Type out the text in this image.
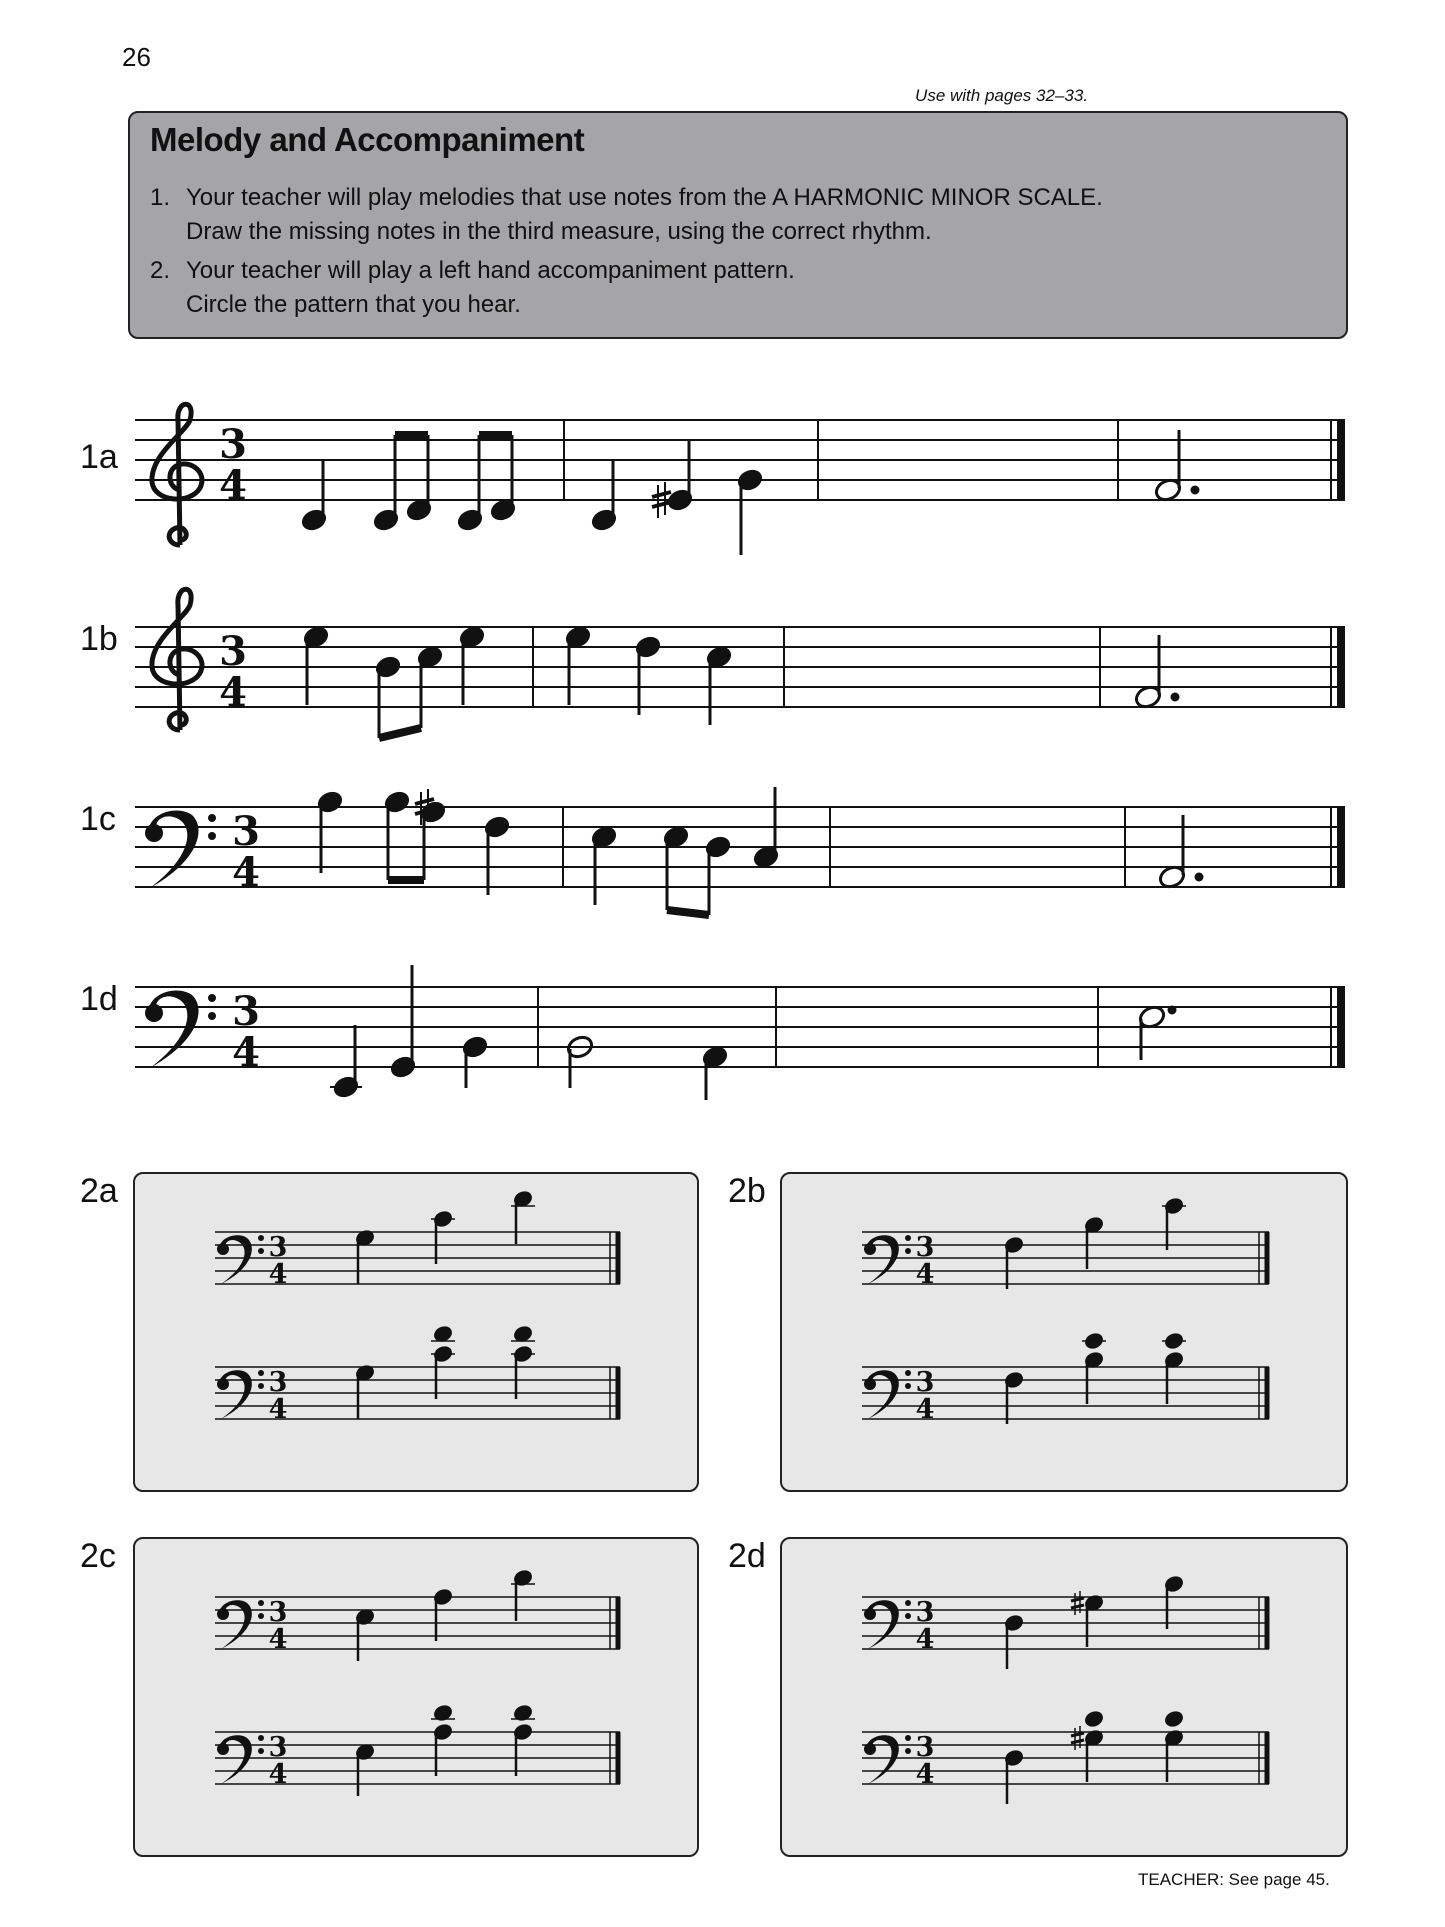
26
Use with pages 32–33.
Melody and Accompaniment
1. Your teacher will play melodies that use notes from the A HARMONIC MINOR SCALE.
Draw the missing notes in the third measure, using the correct rhythm.
2. Your teacher will play a left hand accompaniment pattern.
Circle the pattern that you hear.
1a
1b
1c
1d
3
4
3
4
3
4
3
4
2a	2b
2c	2d
3
4
3
4
3
4
3
4
3
4
3
4
3
4
3
4
TEACHER: See page 45.
